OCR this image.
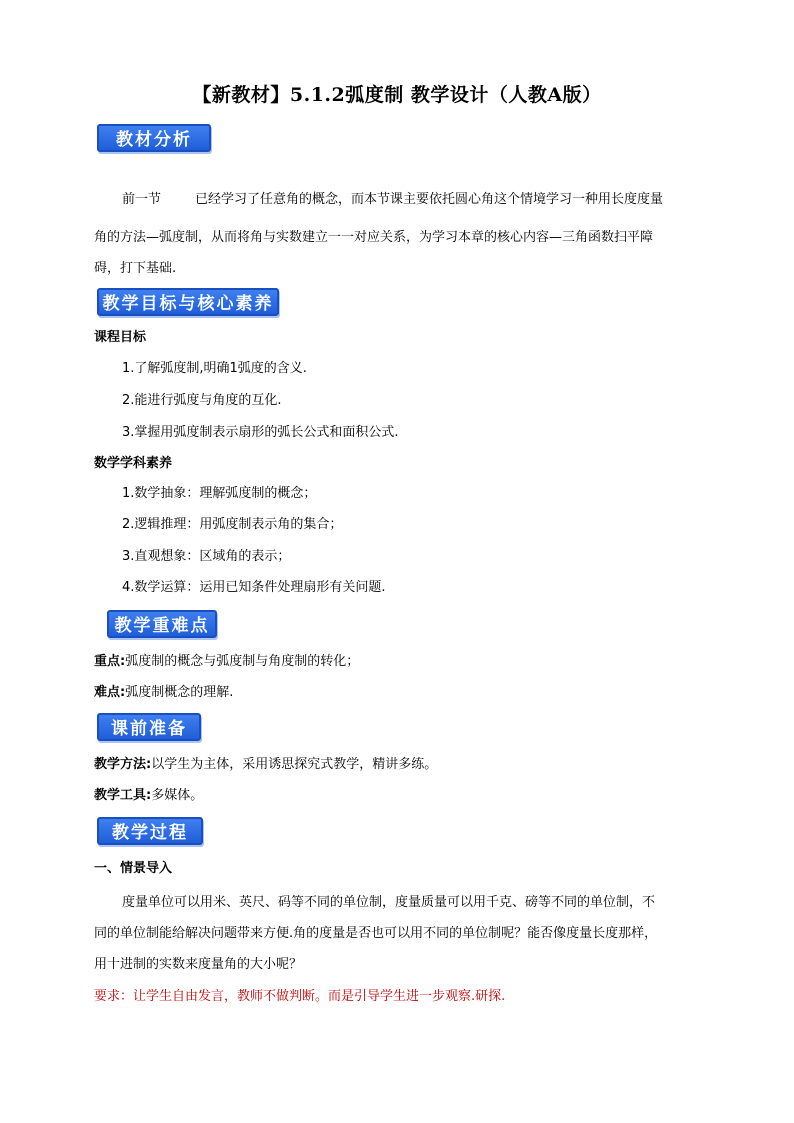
【新教材】5.1.2弧度制 教学设计（人教A版）
教材分析
前一节	已经学习了任意角的概念，而本节课主要依托圆心角这个情境学习一种用长度度量
角的方法—弧度制，从而将角与实数建立一一对应关系，为学习本章的核心内容—三角函数扫平障
碍，打下基础.
教学目标与核心素养
课程目标
1.了解弧度制,明确1弧度的含义.
2.能进行弧度与角度的互化.
3.掌握用弧度制表示扇形的弧长公式和面积公式.
数学学科素养
1.数学抽象：理解弧度制的概念；
2.逻辑推理：用弧度制表示角的集合；
3.直观想象：区域角的表示；
4.数学运算：运用已知条件处理扇形有关问题.
教学重难点
重点:弧度制的概念与弧度制与角度制的转化；
难点:弧度制概念的理解.
课前准备
教学方法:以学生为主体，采用诱思探究式教学，精讲多练。
教学工具:多媒体。
教学过程
一、情景导入
度量单位可以用米、英尺、码等不同的单位制，度量质量可以用千克、磅等不同的单位制，不
同的单位制能给解决问题带来方便.角的度量是否也可以用不同的单位制呢？能否像度量长度那样，
用十进制的实数来度量角的大小呢？
要求：让学生自由发言，教师不做判断。而是引导学生进一步观察.研探.
